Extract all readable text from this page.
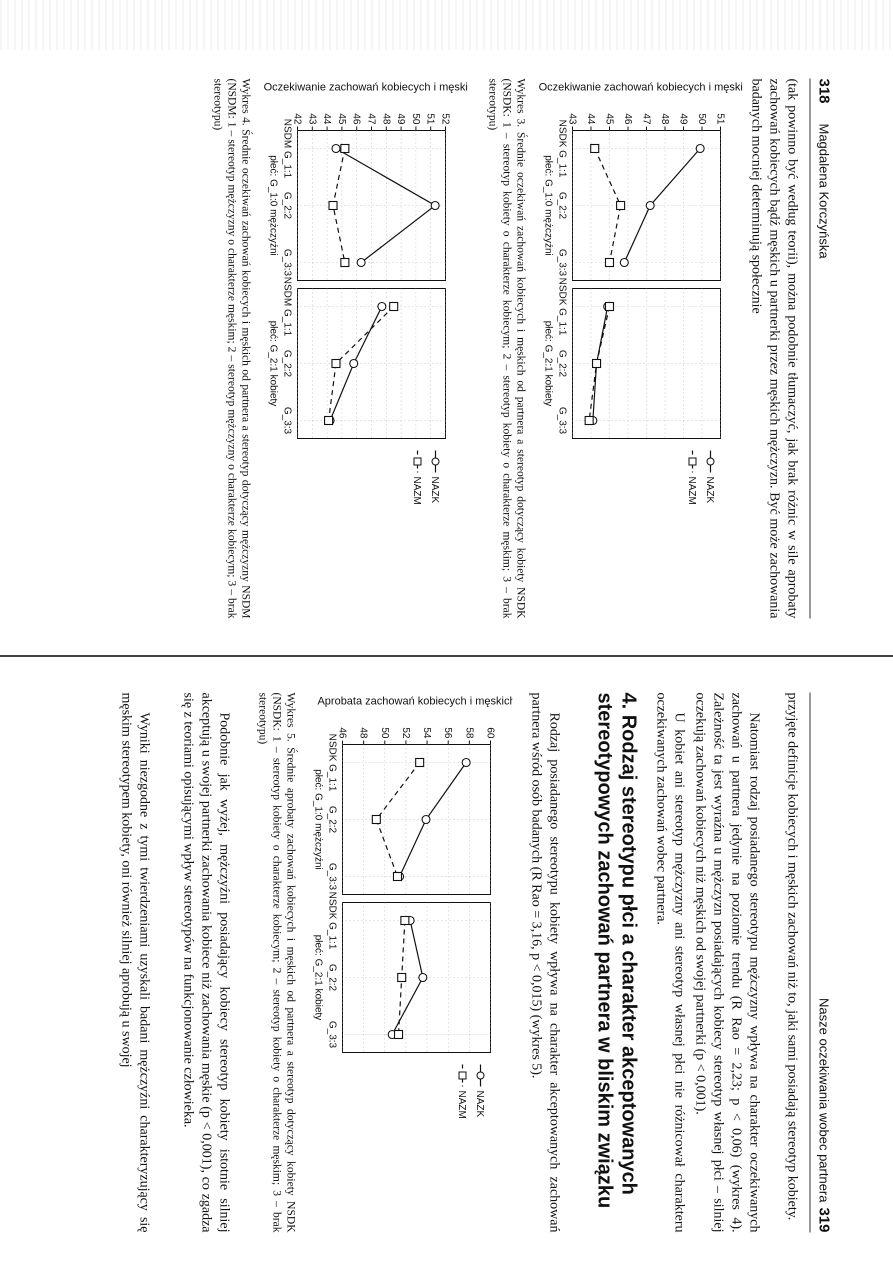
318
Magdalena Korczyńska
(tak powinno być według teorii), można podobnie tłumaczyć, jak brak różnic w sile aprobaty zachowań kobiecych bądź męskich u partnerki przez męskich mężczyzn. Być może zachowania badanych mocniej determinują społecznie
Oczekiwanie zachowań kobiecych i męskich
43 44 45 46 47 48 49 50 51
NSDK G_1:1
G_2:2
G_3:3
płeć: G_1:0 mężczyźni
NSDK G_1:1
G_2:2
G_3:3
płeć: G_2:1 kobiety
NAZK
NAZM
Wykres 3. Średnie oczekiwań zachowań kobiecych i męskich od partnera a stereotyp dotyczący kobiety NSDK (NSDK: 1 – stereotyp kobiety o charakterze kobiecym; 2 – stereotyp kobiety o charakterze męskim; 3 – brak stereotypu)
Oczekiwanie zachowań kobiecych i męskich
42 43 44 45 46 47 48 49 50 51 52
NSDM G_1:1
G_2:2
G_3:3
płeć: G_1:0 mężczyźni
NSDM G_1:1
G_2:2
G_3:3
płeć: G_2:1 kobiety
NAZK
NAZM
Wykres 4. Średnie oczekiwań zachowań kobiecych i męskich od partnera a stereotyp dotyczący mężczyzny NSDM (NSDM: 1 – stereotyp mężczyzny o charakterze męskim; 2 – stereotyp mężczyzny o charakterze kobiecym; 3 – brak stereotypu)
Nasze oczekiwania wobec partnera
319
przyjęte definicje kobiecych i męskich zachowań niż to, jaki sami posiadają stereotyp kobiety.
Natomiast rodzaj posiadanego stereotypu mężczyzny wpływa na charakter oczekiwanych zachowań u partnera jedynie na poziomie trendu (R Rao = 2,23; p < 0,06) (wykres 4). Zależność ta jest wyraźna u mężczyzn posiadających kobiecy stereotyp własnej płci – silniej oczekują zachowań kobiecych niż męskich od swojej partnerki (p < 0,001).
U kobiet ani stereotyp mężczyzny ani stereotyp własnej płci nie różnicował charakteru oczekiwanych zachowań wobec partnera.
4. Rodzaj stereotypu płci a charakter akceptowanych stereotypowych zachowań partnera w bliskim związku
Rodzaj posiadanego stereotypu kobiety wpływa na charakter akceptowanych zachowań partnera wśród osób badanych (R Rao = 3,16, p < 0,015) (wykres 5).
Aprobata zachowań kobiecych i męskich
46 48 50 52 54 56 58 60
NSDK G_1:1
G_2:2
G_3:3
płeć: G_1:0 mężczyźni
NSDK G_1:1
G_2:2
G_3:3
płeć: G_2:1 kobiety
NAZK
NAZM
Wykres 5. Średnie aprobaty zachowań kobiecych i męskich od partnera a stereotyp dotyczący kobiety NSDK (NSDK: 1 – stereotyp kobiety o charakterze kobiecym; 2 – stereotyp kobiety o charakterze męskim; 3 – brak stereotypu)
Podobnie jak wyżej, mężczyźni posiadający kobiecy stereotyp kobiety istotnie silniej akceptują u swojej partnerki zachowania kobiece niż zachowania męskie (p < 0,001), co zgadza się z teoriami opisującymi wpływ stereotypów na funkcjonowanie człowieka.
Wyniki niezgodne z tymi twierdzeniami uzyskali badani mężczyźni charakteryzujący się męskim stereotypem kobiety, oni również silniej aprobują u swojej
